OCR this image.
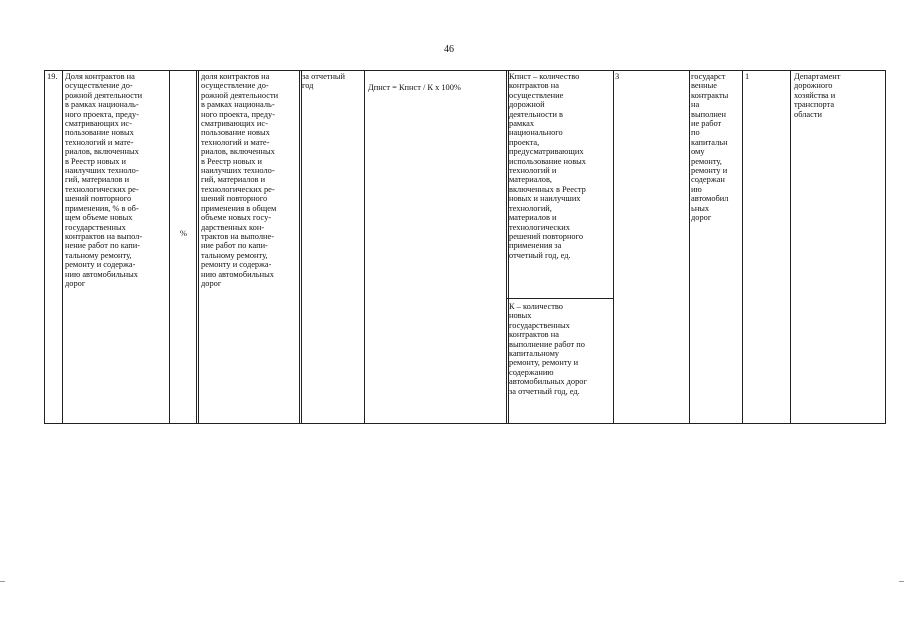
46
19. Доля контрактов на
осуществление до-
рожной деятельности
в рамках националь-
ного проекта, преду-
сматривающих ис-
пользование новых
технологий и мате-
риалов, включенных
в Реестр новых и
наилучших техноло-
гий, материалов и
технологических ре-
шений повторного
применения, % в об-
щем объеме новых
государственных
контрактов на выпол-
нение работ по капи-
тальному ремонту,
ремонту и содержа-
нию автомобильных
дорог
%
доля контрактов на
осуществление до-
рожной деятельности
в рамках националь-
ного проекта, преду-
сматривающих ис-
пользование новых
технологий и мате-
риалов, включенных
в Реестр новых и
наилучших техноло-
гий, материалов и
технологических ре-
шений повторного
применения в общем
объеме новых госу-
дарственных кон-
трактов на выполне-
ние работ по капи-
тальному ремонту,
ремонту и содержа-
нию автомобильных
дорог
за отчетный
год	Дпнст = Кпнст / К х 100%
Кпнст – количество
контрактов на
осуществление
дорожной
деятельности в
рамках
национального
проекта,
предусматривающих
использование новых
технологий и
материалов,
включенных в Реестр
новых и наилучших
технологий,
материалов и
технологических
решений повторного
применения за
отчетный год, ед.
3
К – количество
новых
государственных
контрактов на
выполнение работ по
капитальному
ремонту, ремонту и
содержанию
автомобильных дорог
за отчетный год, ед.
государст
венные
контракты
на
выполнен
ие работ
по
капитальн
ому
ремонту,
ремонту и
содержан
ию
автомобил
ьных
дорог
1	Департамент
дорожного
хозяйства и
транспорта
области
